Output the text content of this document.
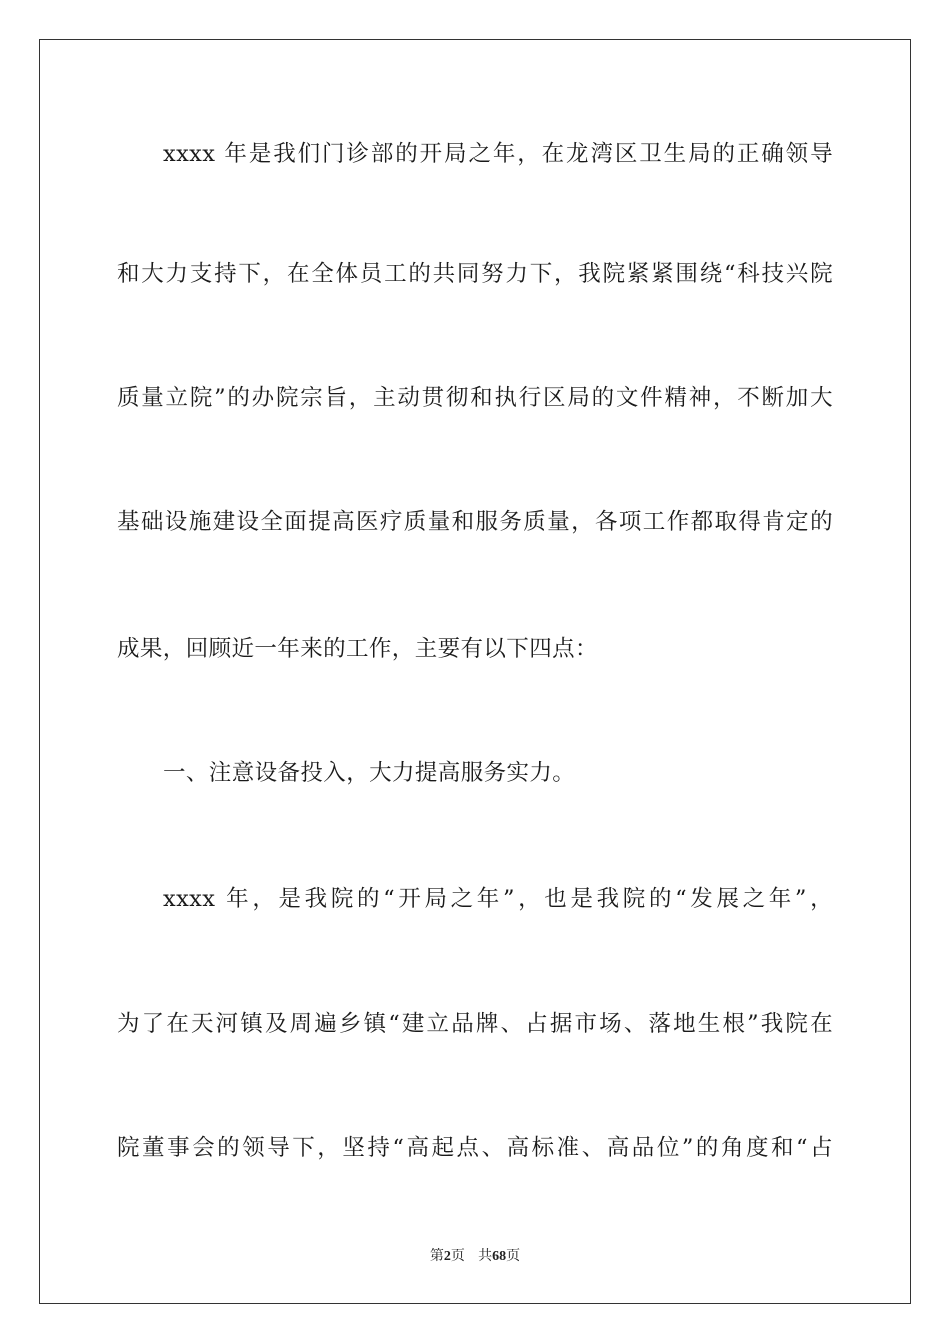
xxxx 年是我们门诊部的开局之年，在龙湾区卫生局的正确领导
和大力支持下，在全体员工的共同努力下，我院紧紧围绕“科技兴院
质量立院”的办院宗旨，主动贯彻和执行区局的文件精神，不断加大
基础设施建设全面提高医疗质量和服务质量，各项工作都取得肯定的
成果，回顾近一年来的工作，主要有以下四点：
一、注意设备投入，大力提高服务实力。
xxxx 年，是我院的“开局之年”，也是我院的“发展之年”，
为了在天河镇及周遍乡镇“建立品牌、占据市场、落地生根”我院在
院董事会的领导下，坚持“高起点、高标准、高品位”的角度和“占
第2页 共68页
